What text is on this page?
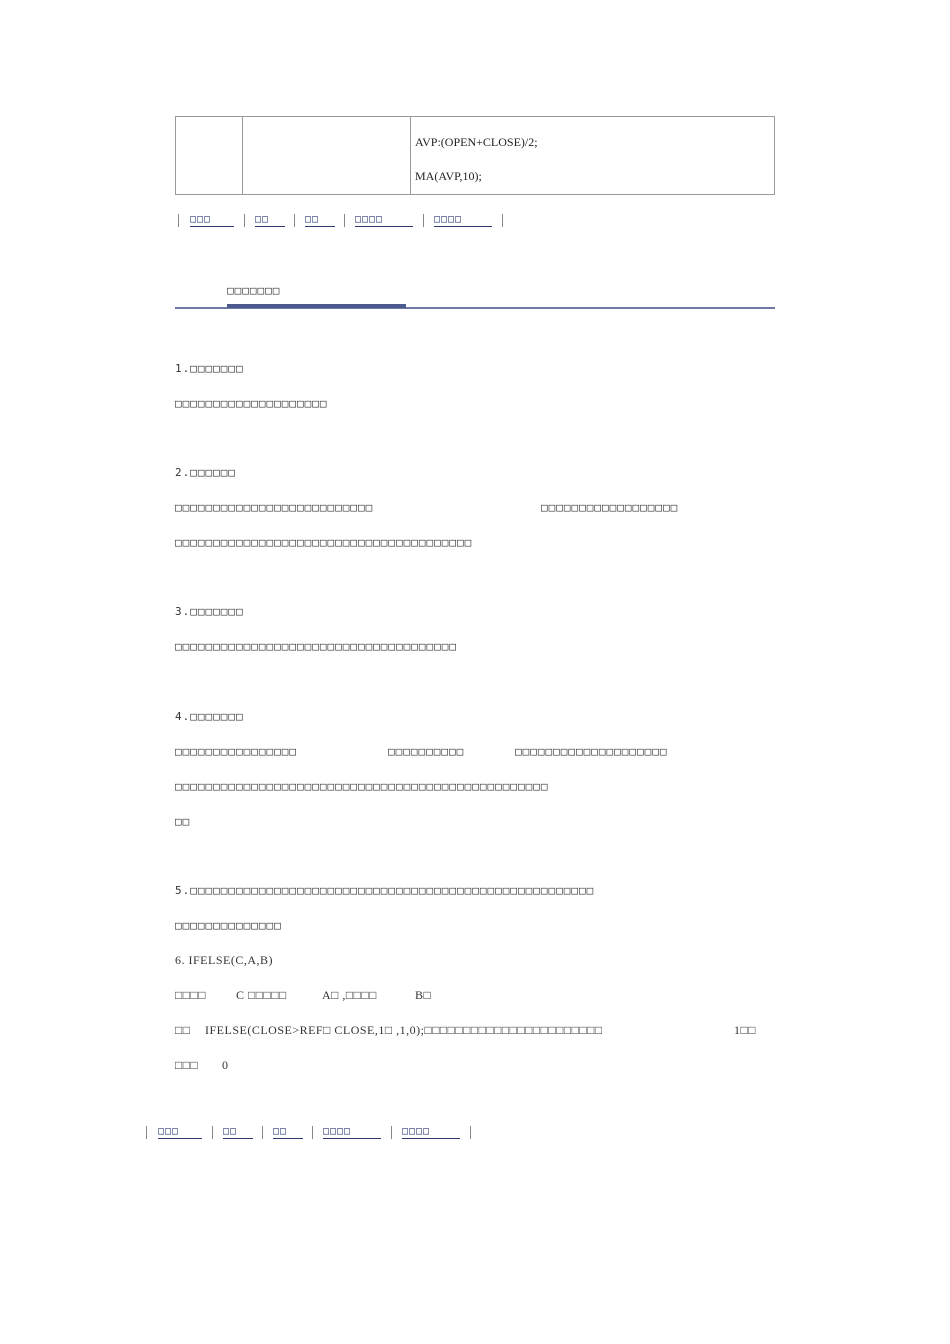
AVP:(OPEN+CLOSE)/2;
MA(AVP,10);
□□□	□□	□□	□□□□	□□□□
□□□□□□□
1.□□□□□□□
□□□□□□□□□□□□□□□□□□□□
2.□□□□□□
□□□□□□□□□□□□□□□□□□□□□□□□□□	□□□□□□□□□□□□□□□□□□
□□□□□□□□□□□□□□□□□□□□□□□□□□□□□□□□□□□□□□□
3.□□□□□□□
□□□□□□□□□□□□□□□□□□□□□□□□□□□□□□□□□□□□□
4.□□□□□□□
□□□□□□□□□□□□□□□□	□□□□□□□□□□	□□□□□□□□□□□□□□□□□□□□
□□□□□□□□□□□□□□□□□□□□□□□□□□□□□□□□□□□□□□□□□□□□□□□□□
□□
5.□□□□□□□□□□□□□□□□□□□□□□□□□□□□□□□□□□□□□□□□□□□□□□□□□□□□□
□□□□□□□□□□□□□□
6. IFELSE(C,A,B)
□□□□	C □□□□□	A□ ,□□□□	B□
□□ IFELSE(CLOSE>REF□ CLOSE,1□ ,1,0);□□□□□□□□□□□□□□□□□□□□□□□	1□□
□□□ 0
□□□	□□	□□	□□□□	□□□□
